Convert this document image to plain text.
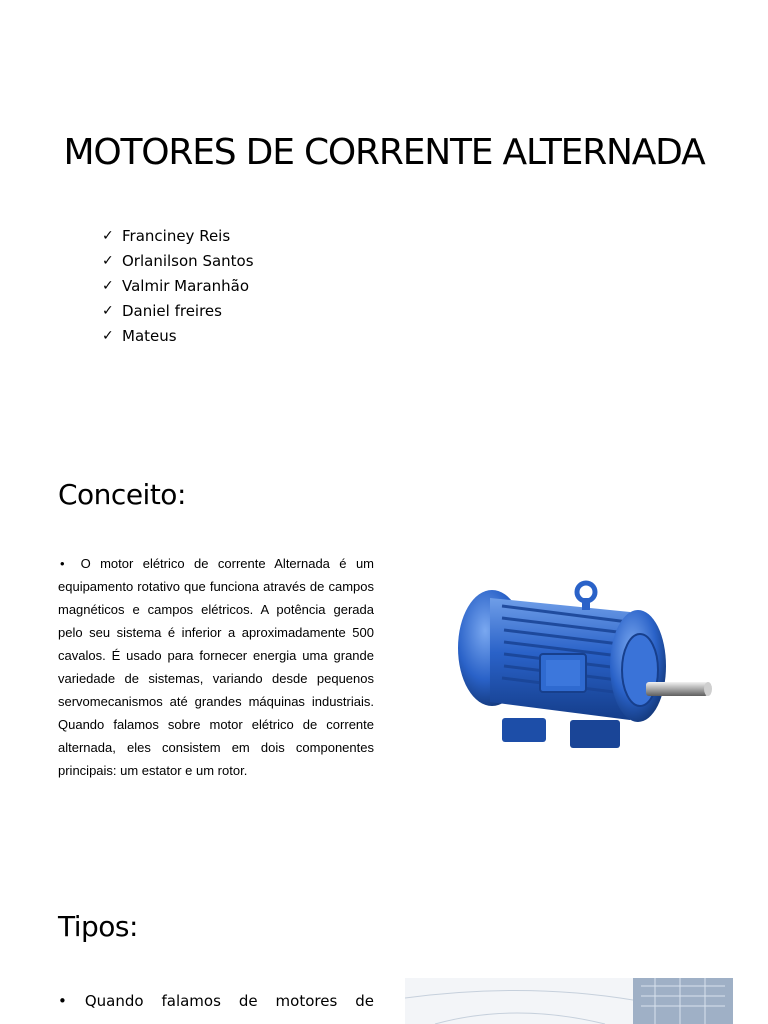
MOTORES DE CORRENTE ALTERNADA
✓ Franciney Reis
✓ Orlanilson Santos
✓ Valmir Maranhão
✓ Daniel freires
✓ Mateus
Conceito:

• O motor elétrico de corrente Alternada é um equipamento rotativo que funciona através de campos magnéticos e campos elétricos. A potência gerada pelo seu sistema é inferior a aproximadamente 500 cavalos. É usado para fornecer energia uma grande variedade de sistemas, variando desde pequenos servomecanismos até grandes máquinas industriais. Quando falamos sobre motor elétrico de corrente alternada, eles consistem em dois componentes principais: um estator e um rotor.

Tipos:

• Quando falamos de motores de
